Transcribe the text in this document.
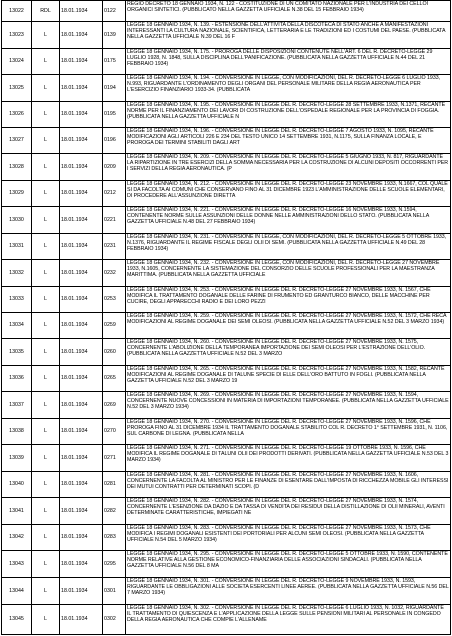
13022	RDL	18.01.1934	0122	REGIO DECRETO 18 GENNAIO 1934, N. 122 - COSTITUZIONE DI UN COMITATO NAZIONALE PER L'INDUSTRIA DEI CELLOI ORGANICI SINTETICI. (PUBBLICATO NELLA GAZZETTA UFFICIALE N.38 DEL 15 FEBBRAIO 1934)
13023	L	18.01.1934	0139	LEGGE 18 GENNAIO 1934, N. 139. - ESTENSIONE DELL'ATTIVITA DELLA DISCOTECA DI STATO ANCHE A MANIFESTAZIONI INTERESSANTI LA CULTURA NAZIONALE, SCIENTIFICA, LETTERARIA E LE TRADIZIONI ED I COSTUMI DEL PAESE. (PUBBLICATA NELLA GAZZETTA UFFICIALE N.39 DEL 16 F
13024	L	18.01.1934	0175	LEGGE 18 GENNAIO 1934, N. 175. - PROROGA DELLE DISPOSIZIONI CONTENUTE NELL'ART. 6 DEL R. DECRETO-LEGGE 29 LUGLIO 1928, N. 1848, SULLA DISCIPLINA DELL'PANIFICAZIONE. (PUBBLICATA NELLA GAZZETTA UFFICIALE N.44 DEL 21 FEBBRAIO 1934)
13025	L	18.01.1934	0194	LEGGE 18 GENNAIO 1934, N. 194. - CONVERSIONE IN LEGGE, CON MODIFICAZIONI, DEL R. DECRETO-LEGGE 6 LUGLIO 1933, N.993, RIGUARDANTE L'ORDINAMENTO DEGLI ORGANI DEL PERSONALE MILITARE DELLA REGIA AERONAUTICA PER L'ESERCIZIO FINANZIARIO 1933-34. (PUBBLICATA
13026	L	18.01.1934	0195	LEGGE 18 GENNAIO 1934, N. 195. - CONVERSIONE IN LEGGE DEL R. DECRETO-LEGGE 28 SETTEMBRE 1933, N.1371, RECANTE NORME PER IL FINANZIAMENTO DEI LAVORI DI COSTRUZIONE DELL'OSPEDALE REGIONALE PER LA PROVINCIA DI FOGGIA. (PUBBLICATA NELLA GAZZETTA UFFICIALE N
13027	L	18.01.1934	0196	LEGGE 18 GENNAIO 1934, N. 196. - CONVERSIONE IN LEGGE DEL R. DECRETO-LEGGE 7 AGOSTO 1933, N. 1095, RECANTE MODIFICAZIONI AGLI ARTICOLI 226 E 234 DEL TESTO UNICO 14 SETTEMBRE 1931, N.1175, SULLA FINANZA LOCALE, E PROROGA DEI TERMINI STABILITI DAGLI ART
13028	L	18.01.1934	0209	LEGGE 18 GENNAIO 1934, N. 209. - CONVERSIONE IN LEGGE DEL R. DECRETO-LEGGE 5 GIUGNO 1933, N. 817, RIGUARDANTE LA RIPARTIZIONE IN TRE ESERCIZI DELLA SOMMA NECESSARIA PER LA COSTRUZIONE DI ALCUNI DEPOSITI OCCORRENTI PER I SERVIZI DELLA REGIA AERONAUTICA. (P
13029	L	18.01.1934	0212	LEGGE 18 GENNAIO 1934, N. 212. - CONVERSIONE IN LEGGE DEL R. DECRETO-LEGGE 23 NOVEMBRE 1933, N.1667, COL QUALE SI DA FACOLTA AI COMUNI CHE CONSERVANO FINO AL 31 DICEMBRE 1923 L'AMMINISTRAZIONE DELLE SCUOLE ELEMENTARI, DI PROCEDERE ALL'ASSUNZIONE DIRETTA
13030	L	18.01.1934	0221	LEGGE 18 GENNAIO 1934, N. 221. - CONVERSIONE IN LEGGE DEL R. DECRETO-LEGGE 16 NOVEMBRE 1933, N.1594, CONTENENTE NORME SULLE ASSUNZIONI DELLE DONNE NELLE AMMINISTRAZIONI DELLO STATO. (PUBBLICATA NELLA GAZZETTA UFFICIALE N.48 DEL 27 FEBBRAIO 1934)
13031	L	18.01.1934	0231	LEGGE 18 GENNAIO 1934, N. 231. - CONVERSIONE IN LEGGE, CON MODIFICAZIONI, DEL R. DECRETO-LEGGE 5 OTTOBRE 1933, N.1376, RIGUARDANTE IL REGIME FISCALE DEGLI OLII DI SEMI. (PUBBLICATA NELLA GAZZETTA UFFICIALE N.49 DEL 28 FEBBRAIO 1934)
13032	L	18.01.1934	0232	LEGGE 18 GENNAIO 1934, N. 232. - CONVERSIONE IN LEGGE, CON MODIFICAZIONI, DEL R. DECRETO-LEGGE 27 NOVEMBRE 1933, N.1605, CONCERNENTE LA SISTEMAZIONE DEL CONSORZIO DELLE SCUOLE PROFESSIONALI PER LA MAESTRANZA MARITTIMA. (PUBBLICATA NELLA GAZZETTA UFFICIALE
13033	L	18.01.1934	0253	LEGGE 18 GENNAIO 1934, N. 253. - CONVERSIONE IN LEGGE DEL R. DECRETO-LEGGE 27 NOVEMBRE 1933, N. 1567, CHE MODIFICA IL TRATTAMENTO DOGANALE DELLE FARINE DI FRUMENTO ED GRANTURCO BIANCO, DELLE MACCHINE PER CUCIRE, DEGLI APPARECCHI RADIO E DEI LORO PEZZI
13034	L	18.01.1934	0259	LEGGE 18 GENNAIO 1934, N. 259. - CONVERSIONE IN LEGGE DEL R. DECRETO-LEGGE 27 NOVEMBRE 1933, N. 1572, CHE RECA MODIFICAZIONI AL REGIME DOGANALE DEI SEMI OLEOSI. (PUBBLICATA NELLA GAZZETTA UFFICIALE N.52 DEL 3 MARZO 1934)
13035	L	18.01.1934	0260	LEGGE 18 GENNAIO 1934, N. 260. - CONVERSIONE IN LEGGE DEL R. DECRETO-LEGGE 27 NOVEMBRE 1933, N. 1575, CONCERNENTE L'ABOLIZIONE DELLA TEMPORANEA IMPORTAZIONE DEI SEMI OLEOSI PER L'ESTRAZIONE DELL'OLIO. (PUBBLICATA NELLA GAZZETTA UFFICIALE N.52 DEL 3 MARZO
13036	L	18.01.1934	0265	LEGGE 18 GENNAIO 1934, N. 265. - CONVERSIONE IN LEGGE DEL R. DECRETO-LEGGE 27 NOVEMBRE 1933, N. 1582, RECANTE MODIFICAZIONI AL REGIME DOGANALE DI TALUNE SPECIE DI ELLE DELL'ORO BATTUTO IN FOGLI. (PUBBLICATA NELLA GAZZETTA UFFICIALE N.52 DEL 3 MARZO 19
13037	L	18.01.1934	0269	LEGGE 18 GENNAIO 1934, N. 269. - CONVERSIONE IN LEGGE DEL R. DECRETO-LEGGE 27 NOVEMBRE 1933, N. 1594, CONCERNENTE NUOVE CONCESSIONI IN MATERIA DI IMPORTAZIONI TEMPORANEE. (PUBBLICATA NELLA GAZZETTA UFFICIALE N.52 DEL 3 MARZO 1934)
13038	L	18.01.1934	0270	LEGGE 18 GENNAIO 1934, N. 270. - CONVERSIONE IN LEGGE DEL R. DECRETO-LEGGE 27 NOVEMBRE 1933, N. 1596, CHE PROROGA FINO AL 31 DICEMBRE 1934 IL TRATTAMENTO DOGANALE STABILITO COL R. DECRETO 1° SETTEMBRE 1931, N. 1106, SUL CARBONE DI LEGNA. (PUBBLICATA NELLA
13039	L	18.01.1934	0271	LEGGE 18 GENNAIO 1934, N. 271. - CONVERSIONE IN LEGGE DEL R. DECRETO-LEGGE 19 OTTOBRE 1933, N. 1596, CHE MODIFICA IL REGIME DOGANALE DI TALUNI OLII DEI PRODOTTI DERIVATI. (PUBBLICATA NELLA GAZZETTA UFFICIALE N.53 DEL 3 MARZO 1934)
13040	L	18.01.1934	0281	LEGGE 18 GENNAIO 1934, N. 281. - CONVERSIONE IN LEGGE DEL R. DECRETO-LEGGE 27 NOVEMBRE 1933, N. 1606, CONCERNENTE LA FACOLTA AL MINISTRO PER LE FINANZE DI ESENTARE DALL'IMPOSTA DI RICCHEZZA MOBILE GLI INTERESSI DEI MUTUI CONTRATTI PER DETERMINATI SCOPI. (D
13041	L	18.01.1934	0282	LEGGE 18 GENNAIO 1934, N. 282. - CONVERSIONE IN LEGGE DEL R. DECRETO-LEGGE 27 NOVEMBRE 1933, N. 1574, CONCERNENTE L'ESENZIONE DA DAZIO E DA TASSA DI VENDITA DEI RESIDUI DELLA DISTILLAZIONE DI OLII MINERALI, AVENTI DETERMINATE CARATTERISTICHE, IMPIEGATI NE
13042	L	18.01.1934	0283	LEGGE 18 GENNAIO 1934, N. 283. - CONVERSIONE IN LEGGE DEL R. DECRETO-LEGGE 27 NOVEMBRE 1933, N. 1573, CHE MODIFICA I REGIMI DOGANALI ESISTENTI DEI PORTORIALI PER ALCUNI SEMI OLEOSI. (PUBBLICATA NELLA GAZZETTA UFFICIALE N.54 DEL 5 MARZO 1934)
13043	L	18.01.1934	0295	LEGGE 18 GENNAIO 1934, N. 295. - CONVERSIONE IN LEGGE DEL R. DECRETO-LEGGE 5 OTTOBRE 1933, N. 1590, CONTENENTE NORME RELATIVE ALLA GESTIONE ECONOMICO-FINANZIARIA DELLE ASSOCIAZIONI SINDACALI. (PUBBLICATA NELLA GAZZETTA UFFICIALE N.56 DEL 8 MA
13044	L	18.01.1934	0301	LEGGE 18 GENNAIO 1934, N. 301. - CONVERSIONE IN LEGGE DEL R. DECRETO-LEGGE 9 NOVEMBRE 1933, N. 1593, RIGUARDANTE LE OBBLIGAZIONI ALLE SOCIETA ESERCENTI LINEE AEREE. (PUBBLICATA NELLA GAZZETTA UFFICIALE N.56 DEL 7 MARZO 1934)
13045	L	18.01.1934	0302	LEGGE 18 GENNAIO 1934, N. 302. - CONVERSIONE IN LEGGE DEL R. DECRETO-LEGGE 6 LUGLIO 1933, N. 1032, RIGUARDANTE IL TRATTAMENTO DI QUIESCENZA E L'APPLICAZIONE DELLA LEGGE SULLE PENSIONI MILITARI AL PERSONALE IN CONGEDO DELLA REGIA AERONAUTICA CHE COMPIE L'ALLENAME
